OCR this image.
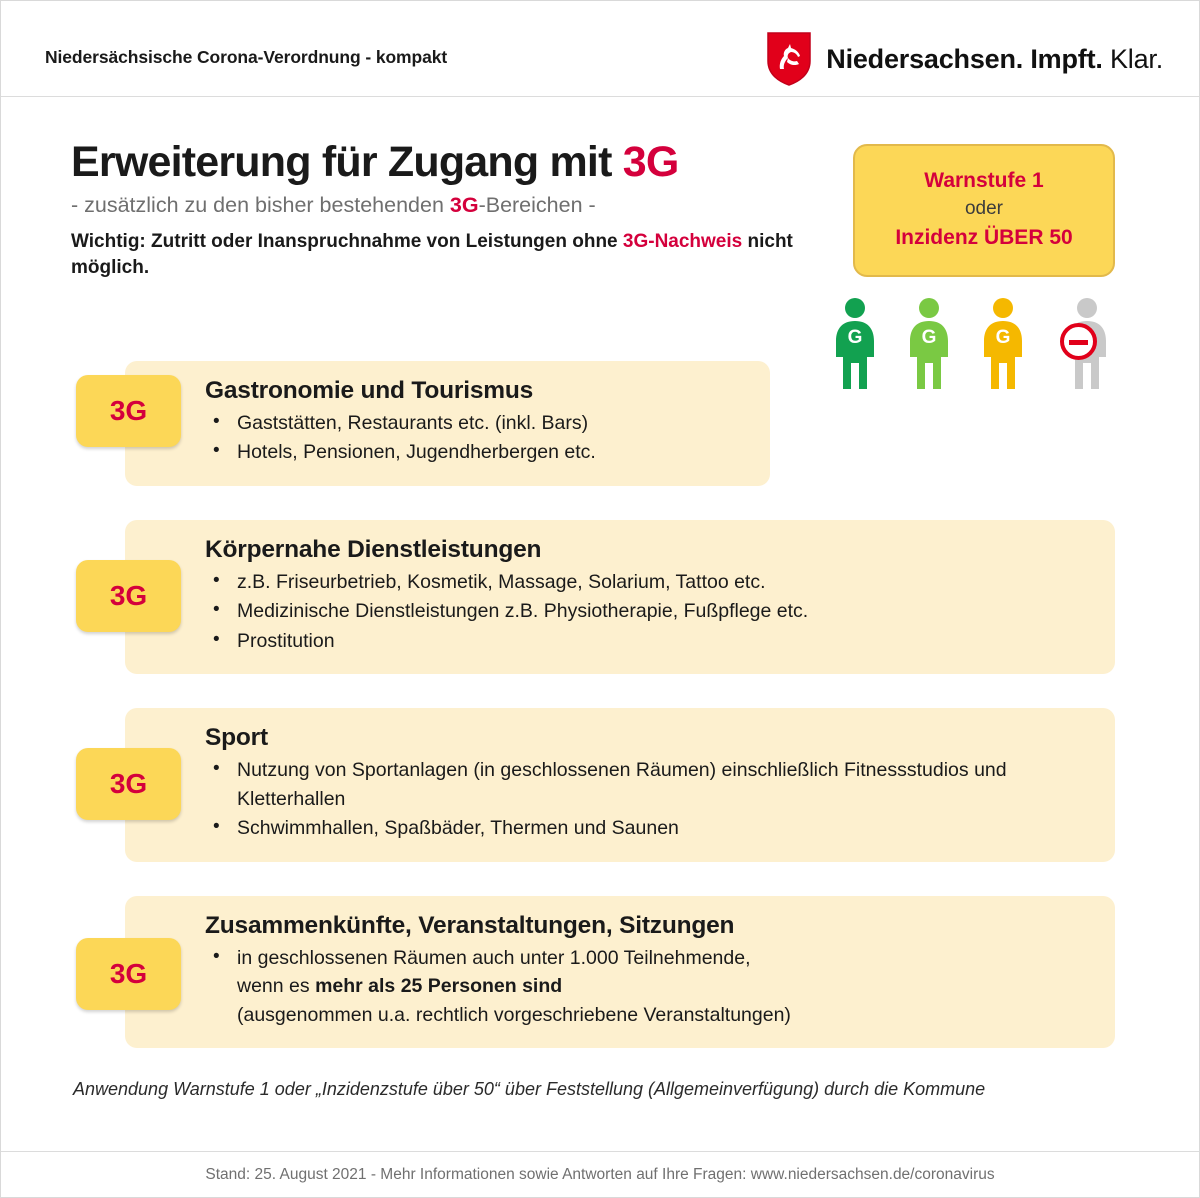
Niedersächsische Corona-Verordnung - kompakt	Niedersachsen. Impft. Klar.
Erweiterung für Zugang mit 3G
- zusätzlich zu den bisher bestehenden 3G-Bereichen -
Wichtig: Zutritt oder Inanspruchnahme von Leistungen ohne 3G-Nachweis nicht möglich.
Warnstufe 1
oder
Inzidenz ÜBER 50
G	G	G
3G
Gastronomie und Tourismus
• Gaststätten, Restaurants etc. (inkl. Bars)
• Hotels, Pensionen, Jugendherbergen etc.
3G
Körpernahe Dienstleistungen
• z.B. Friseurbetrieb, Kosmetik, Massage, Solarium, Tattoo etc.
• Medizinische Dienstleistungen z.B. Physiotherapie, Fußpflege etc.
• Prostitution
3G
Sport
• Nutzung von Sportanlagen (in geschlossenen Räumen) einschließlich Fitnessstudios und Kletterhallen
• Schwimmhallen, Spaßbäder, Thermen und Saunen
3G
Zusammenkünfte, Veranstaltungen, Sitzungen
• in geschlossenen Räumen auch unter 1.000 Teilnehmende,
wenn es mehr als 25 Personen sind
(ausgenommen u.a. rechtlich vorgeschriebene Veranstaltungen)
Anwendung Warnstufe 1 oder „Inzidenzstufe über 50“ über Feststellung (Allgemeinverfügung) durch die Kommune
Stand: 25. August 2021 - Mehr Informationen sowie Antworten auf Ihre Fragen: www.niedersachsen.de/coronavirus
